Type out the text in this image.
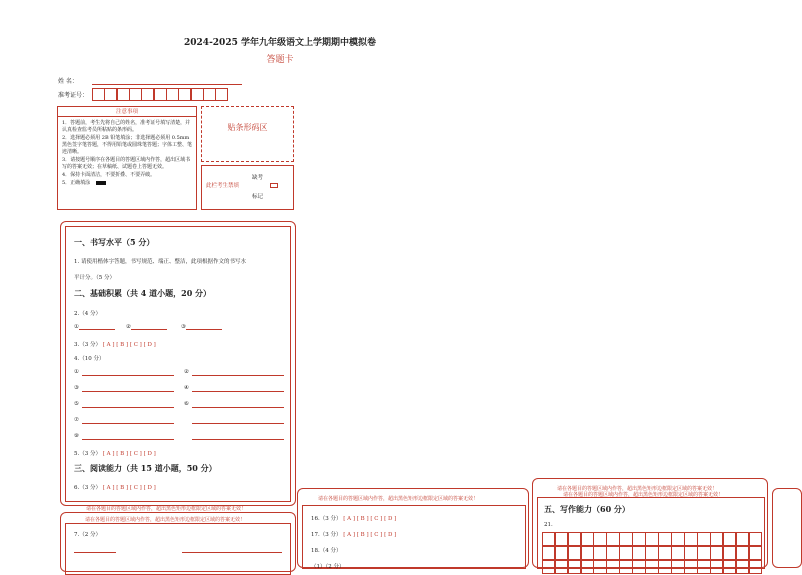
2024-2025 学年九年级语文上学期期中模拟卷
答题卡
姓 名：
准考证号：
注意事项
1．答题前，考生先将自己的姓名，准考证号填写清楚，并认真检查监考员所粘贴的条形码。
2．选择题必须用 2B 铅笔填涂；非选择题必须用 0.5mm 黑色签字笔答题，不得用铅笔或圆珠笔答题；字体工整、笔迹清晰。
3．请按题号顺序在各题目的答题区域内作答，超出区域书写的答案无效；在草稿纸、试题卷上答题无效。
4．保持卡面清洁，不要折叠、不要弄破。
5．正确填涂
贴条形码区
此栏考生禁填
缺考
标记
一、书写水平（5 分）
1. 请使用楷体字答题，书写规范、端正、整洁，此项根据作文的书写水
平计分。（5 分）
二、基础积累（共 4 道小题，20 分）
2.（4 分）
①	②	③
3.（3 分） [ A ] [ B ] [ C ] [ D ]
4.（10 分）
①	②
③	④
⑤	⑥
⑦
⑨
5.（3 分） [ A ] [ B ] [ C ] [ D ]
三、阅读能力（共 15 道小题，50 分）
6.（3 分） [ A ] [ B ] [ C ] [ D ]
请在各题目的答题区域内作答，超出黑色矩形边框限定区域的答案无效！
请在各题目的答题区域内作答，超出黑色矩形边框限定区域的答案无效！
7.（2 分）
请在各题目的答题区域内作答，超出黑色矩形边框限定区域的答案无效！
16.（3 分） [ A ] [ B ] [ C ] [ D ]
17.（3 分） [ A ] [ B ] [ C ] [ D ]
18.（4 分）
（1）（2 分）
请在各题目的答题区域内作答，超出黑色矩形边框限定区域的答案无效！
请在各题目的答题区域内作答，超出黑色矩形边框限定区域的答案无效！
五、写作能力（60 分）
21.
